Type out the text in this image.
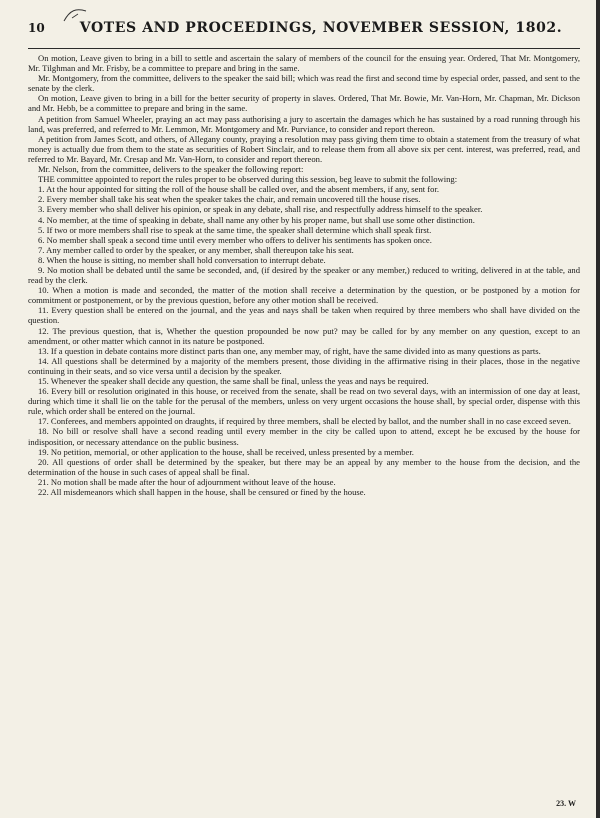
10	VOTES AND PROCEEDINGS, NOVEMBER SESSION, 1802.

On motion, Leave given to bring in a bill to settle and ascertain the salary of members of the council for the ensuing year. Ordered, That Mr. Montgomery, Mr. Tilghman and Mr. Frisby, be a committee to prepare and bring in the same.

Mr. Montgomery, from the committee, delivers to the speaker the said bill; which was read the first and second time by especial order, passed, and sent to the senate by the clerk.

On motion, Leave given to bring in a bill for the better security of property in slaves. Ordered, That Mr. Bowie, Mr. Van-Horn, Mr. Chapman, Mr. Dickson and Mr. Hebb, be a committee to prepare and bring in the same.

A petition from Samuel Wheeler, praying an act may pass authorising a jury to ascertain the damages which he has sustained by a road running through his land, was preferred, and referred to Mr. Lemmon, Mr. Montgomery and Mr. Purviance, to consider and report thereon.

A petition from James Scott, and others, of Allegany county, praying a resolution may pass giving them time to obtain a statement from the treasury of what money is actually due from them to the state as securities of Robert Sinclair, and to release them from all above six per cent. interest, was preferred, read, and referred to Mr. Bayard, Mr. Cresap and Mr. Van-Horn, to consider and report thereon.

Mr. Nelson, from the committee, delivers to the speaker the following report:

THE committee appointed to report the rules proper to be observed during this session, beg leave to submit the following:

1. At the hour appointed for sitting the roll of the house shall be called over, and the absent members, if any, sent for.

2. Every member shall take his seat when the speaker takes the chair, and remain uncovered till the house rises.

3. Every member who shall deliver his opinion, or speak in any debate, shall rise, and respectfully address himself to the speaker.

4. No member, at the time of speaking in debate, shall name any other by his proper name, but shall use some other distinction.

5. If two or more members shall rise to speak at the same time, the speaker shall determine which shall speak first.

6. No member shall speak a second time until every member who offers to deliver his sentiments has spoken once.

7. Any member called to order by the speaker, or any member, shall thereupon take his seat.

8. When the house is sitting, no member shall hold conversation to interrupt debate.

9. No motion shall be debated until the same be seconded, and, (if desired by the speaker or any member,) reduced to writing, delivered in at the table, and read by the clerk.

10. When a motion is made and seconded, the matter of the motion shall receive a determination by the question, or be postponed by a motion for commitment or postponement, or by the previous question, before any other motion shall be received.

11. Every question shall be entered on the journal, and the yeas and nays shall be taken when required by three members who shall have divided on the question.

12. The previous question, that is, Whether the question propounded be now put? may be called for by any member on any question, except to an amendment, or other matter which cannot in its nature be postponed.

13. If a question in debate contains more distinct parts than one, any member may, of right, have the same divided into as many questions as parts.

14. All questions shall be determined by a majority of the members present, those dividing in the affirmative rising in their places, those in the negative continuing in their seats, and so vice versa until a decision by the speaker.

15. Whenever the speaker shall decide any question, the same shall be final, unless the yeas and nays be required.

16. Every bill or resolution originated in this house, or received from the senate, shall be read on two several days, with an intermission of one day at least, during which time it shall lie on the table for the perusal of the members, unless on very urgent occasions the house shall, by special order, dispense with this rule, which order shall be entered on the journal.

17. Conferees, and members appointed on draughts, if required by three members, shall be elected by ballot, and the number shall in no case exceed seven.

18. No bill or resolve shall have a second reading until every member in the city be called upon to attend, except he be excused by the house for indisposition, or necessary attendance on the public business.

19. No petition, memorial, or other application to the house, shall be received, unless presented by a member.

20. All questions of order shall be determined by the speaker, but there may be an appeal by any member to the house from the decision, and the determination of the house in such cases of appeal shall be final.

21. No motion shall be made after the hour of adjournment without leave of the house.

22. All misdemeanors which shall happen in the house, shall be censured or fined by the house.

23. W
